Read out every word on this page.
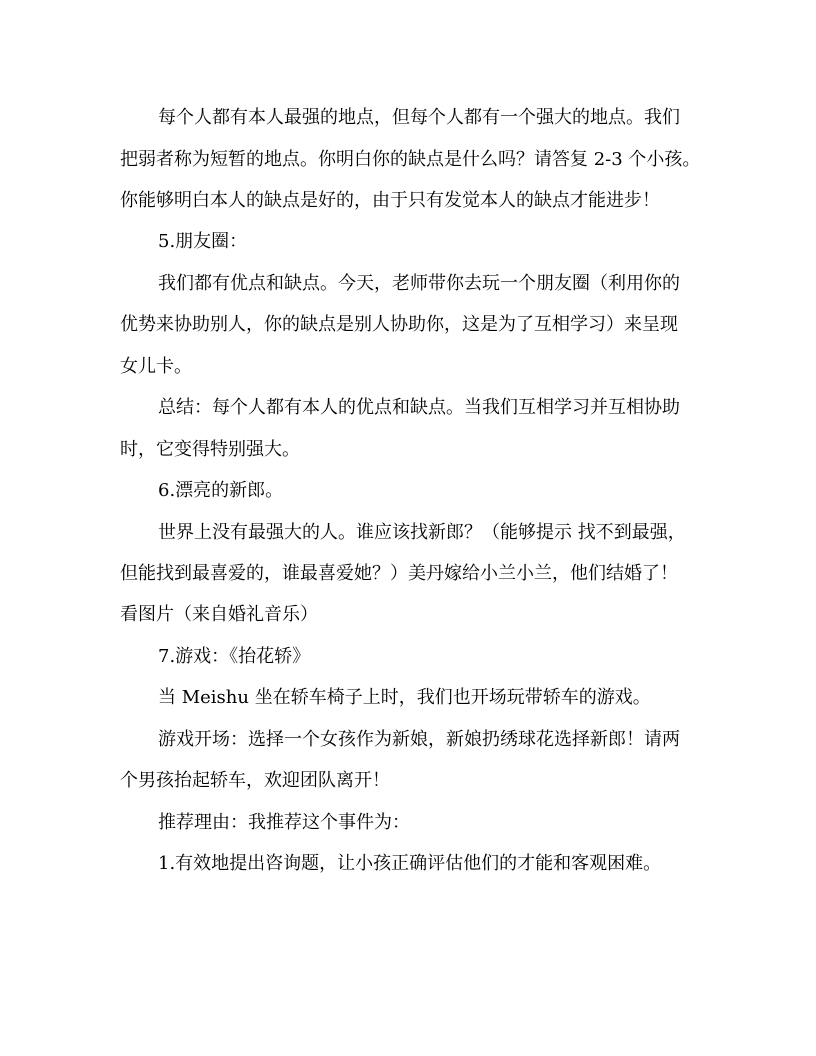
每个人都有本人最强的地点，但每个人都有一个强大的地点。我们

把弱者称为短暂的地点。你明白你的缺点是什么吗？请答复 2-3 个小孩。

你能够明白本人的缺点是好的，由于只有发觉本人的缺点才能进步！

5.朋友圈：

我们都有优点和缺点。今天，老师带你去玩一个朋友圈（利用你的

优势来协助别人，你的缺点是别人协助你，这是为了互相学习）来呈现

女儿卡。

总结：每个人都有本人的优点和缺点。当我们互相学习并互相协助

时，它变得特别强大。

6.漂亮的新郎。

世界上没有最强大的人。谁应该找新郎？（能够提示 找不到最强，

但能找到最喜爱的，谁最喜爱她？）美丹嫁给小兰小兰，他们结婚了！

看图片（来自婚礼音乐）

7.游戏：《抬花轿》

当 Meishu 坐在轿车椅子上时，我们也开场玩带轿车的游戏。

游戏开场：选择一个女孩作为新娘，新娘扔绣球花选择新郎！请两

个男孩抬起轿车，欢迎团队离开！

推荐理由：我推荐这个事件为：

1.有效地提出咨询题，让小孩正确评估他们的才能和客观困难。
